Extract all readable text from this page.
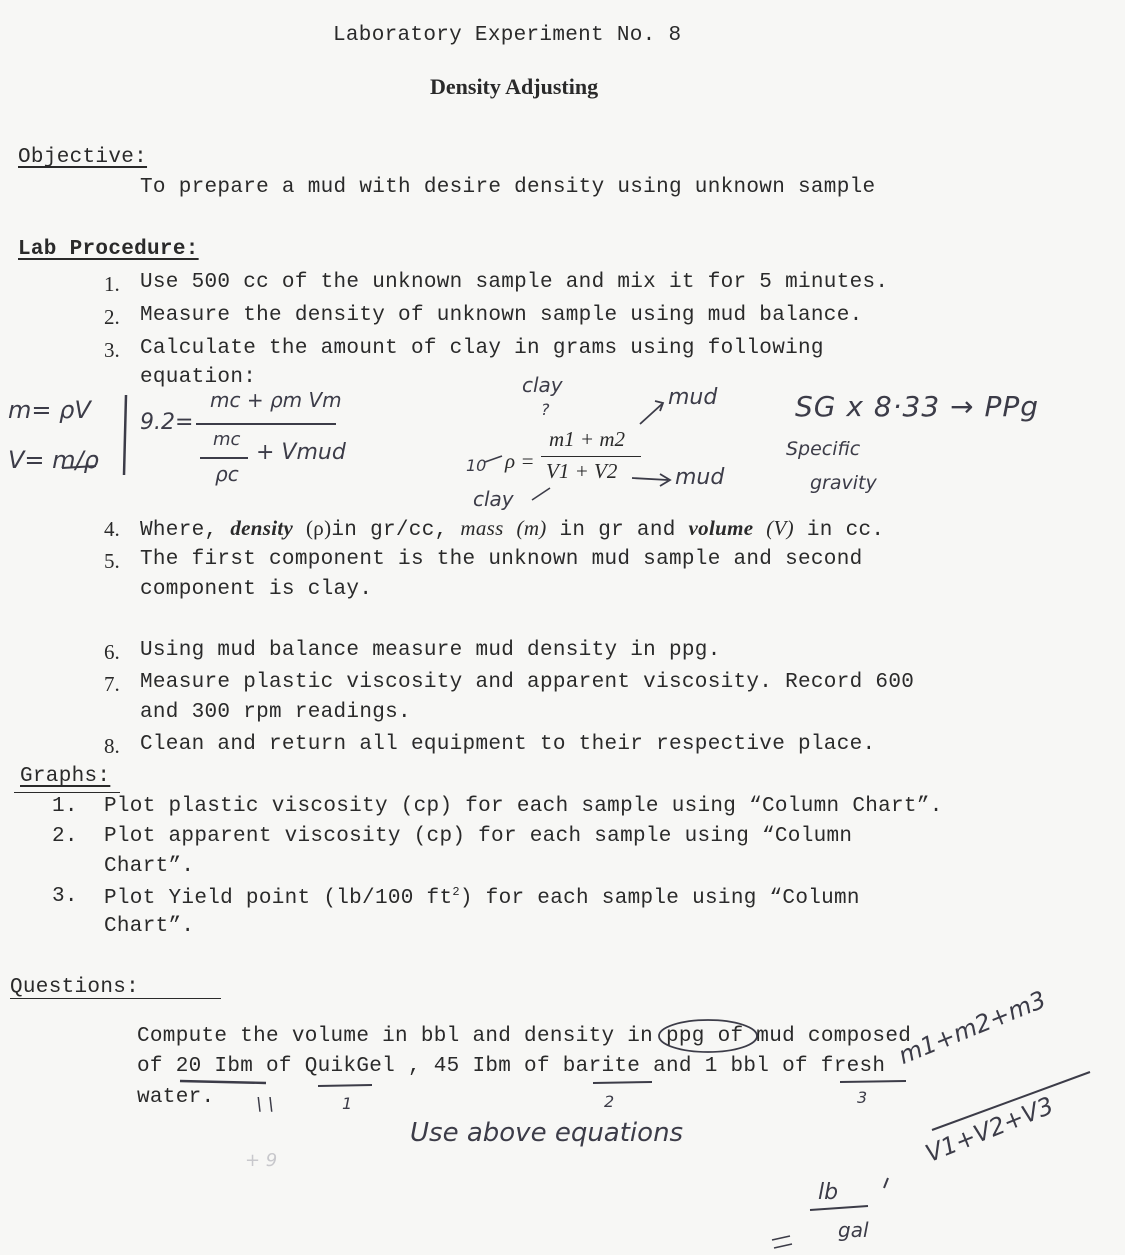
Laboratory Experiment No. 8
Density Adjusting
Objective:
To prepare a mud with desire density using unknown sample
Lab Procedure:
1. Use 500 cc of the unknown sample and mix it for 5 minutes.
2. Measure the density of unknown sample using mud balance.
3. Calculate the amount of clay in grams using following
equation:
ρ =
m1 + m2
V1 + V2
4. Where, density (ρ)in gr/cc, mass (m) in gr and volume (V) in cc.
5. The first component is the unknown mud sample and second
component is clay.
6. Using mud balance measure mud density in ppg.
7. Measure plastic viscosity and apparent viscosity. Record 600
and 300 rpm readings.
8. Clean and return all equipment to their respective place.
Graphs:
1. Plot plastic viscosity (cp) for each sample using “Column Chart”.
2. Plot apparent viscosity (cp) for each sample using “Column
Chart”.
3. Plot Yield point (lb/100 $ft^2$) for each sample using “Column
Chart”.
Questions:
Compute the volume in bbl and density in ppg of mud composed
of 20 Ibm of QuikGel , 45 Ibm of barite and 1 bbl of fresh
water.
m= ρV
V= m/ρ
9.2=
mc + ρm Vm
mc
ρc
+ Vmud
clay
?	mud
10
clay
mud
SG x 8·33 → PPg
Specific
gravity
1	2	3
\ \
Use above equations
+ 9
m1+m2+m3
V1+V2+V3
lb
gal
